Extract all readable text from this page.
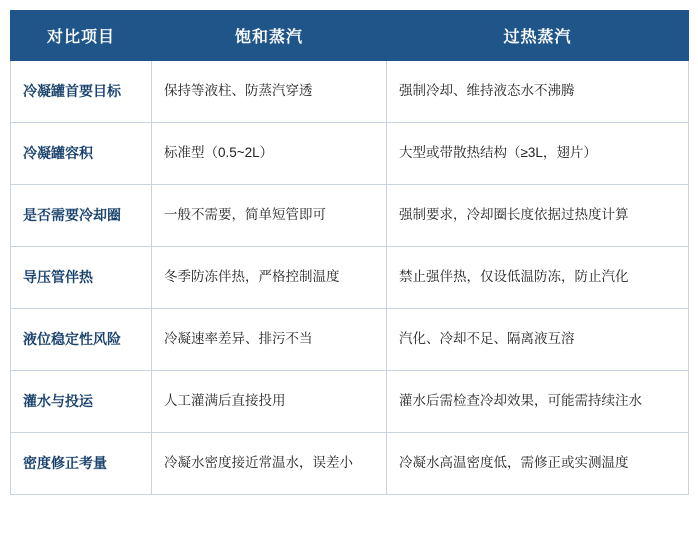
对比项目	饱和蒸汽	过热蒸汽
冷凝罐首要目标	保持等液柱、防蒸汽穿透	强制冷却、维持液态水不沸腾
冷凝罐容积	标准型（0.5~2L）	大型或带散热结构（≥3L，翅片）
是否需要冷却圈	一般不需要，简单短管即可	强制要求，冷却圈长度依据过热度计算
导压管伴热	冬季防冻伴热，严格控制温度	禁止强伴热，仅设低温防冻，防止汽化
液位稳定性风险	冷凝速率差异、排污不当	汽化、冷却不足、隔离液互溶
灌水与投运	人工灌满后直接投用	灌水后需检查冷却效果，可能需持续注水
密度修正考量	冷凝水密度接近常温水，误差小	冷凝水高温密度低，需修正或实测温度
